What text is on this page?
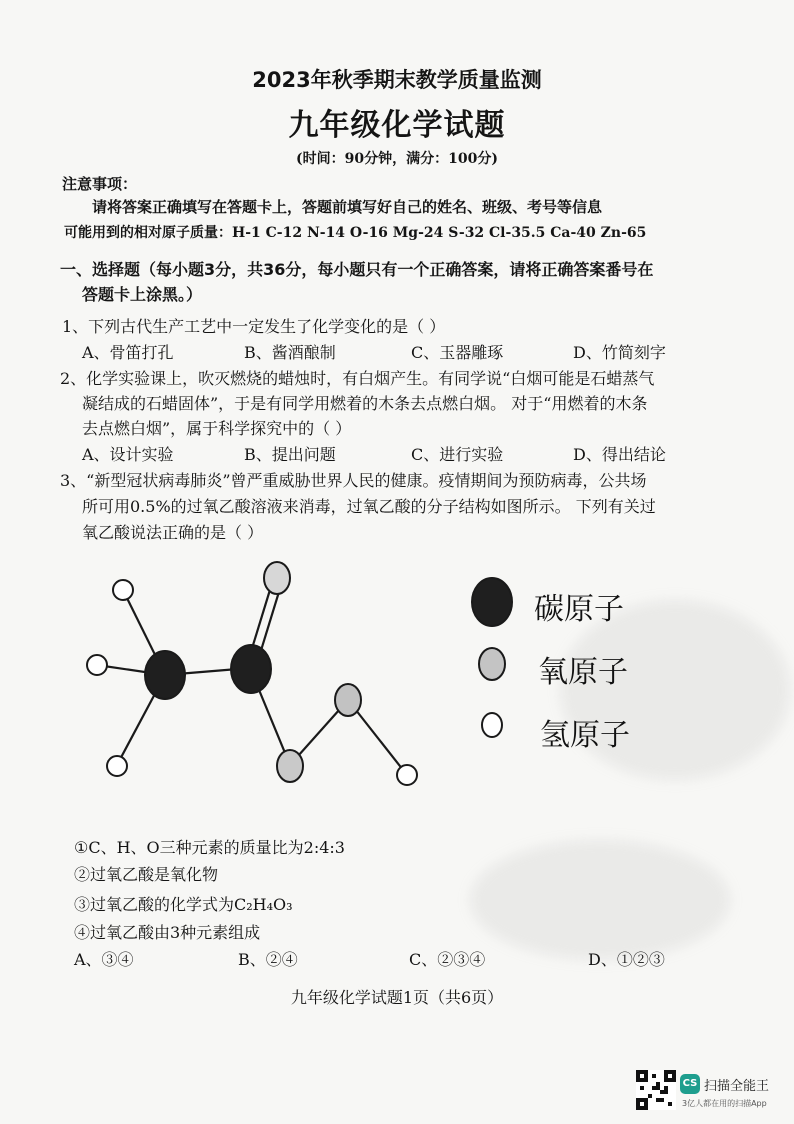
2023年秋季期末教学质量监测
九年级化学试题
(时间：90分钟，满分：100分)
注意事项：
请将答案正确填写在答题卡上，答题前填写好自己的姓名、班级、考号等信息
可能用到的相对原子质量：H-1 C-12 N-14 O-16 Mg-24 S-32 Cl-35.5 Ca-40 Zn-65
一、选择题（每小题3分，共36分，每小题只有一个正确答案，请将正确答案番号在
答题卡上涂黑。）
1、下列古代生产工艺中一定发生了化学变化的是（ ）
A、骨笛打孔	B、酱酒酿制	C、玉器雕琢	D、竹简刻字
2、化学实验课上，吹灭燃烧的蜡烛时，有白烟产生。有同学说“白烟可能是石蜡蒸气
凝结成的石蜡固体”，于是有同学用燃着的木条去点燃白烟。 对于“用燃着的木条
去点燃白烟”，属于科学探究中的（ ）
A、设计实验	B、提出问题	C、进行实验	D、得出结论
3、“新型冠状病毒肺炎”曾严重威胁世界人民的健康。疫情期间为预防病毒，公共场
所可用0.5%的过氧乙酸溶液来消毒，过氧乙酸的分子结构如图所示。 下列有关过
氧乙酸说法正确的是（ ）
碳原子
氧原子
氢原子
①C、H、O三种元素的质量比为2:4:3
②过氧乙酸是氧化物
③过氧乙酸的化学式为C₂H₄O₃
④过氧乙酸由3种元素组成
A、③④	B、②④	C、②③④	D、①②③
九年级化学试题1页（共6页）
CS 扫描全能王
3亿人都在用的扫描App
